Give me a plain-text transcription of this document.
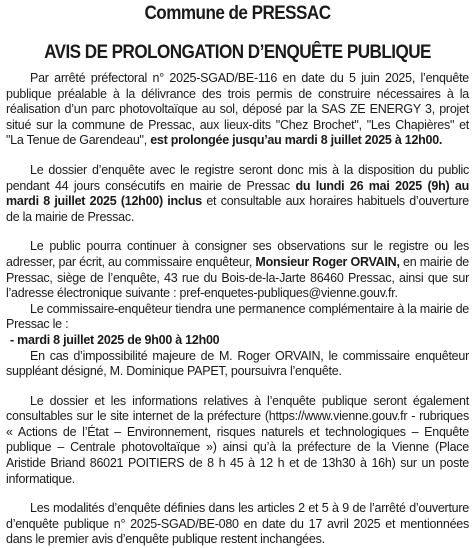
Commune de PRESSAC
AVIS DE PROLONGATION D’ENQUÊTE PUBLIQUE

Par arrêté préfectoral n° 2025-SGAD/BE-116 en date du 5 juin 2025, l’enquête publique préalable à la délivrance des trois permis de construire nécessaires à la réalisation d’un parc photovoltaïque au sol, déposé par la SAS ZE ENERGY 3, projet situé sur la commune de Pressac, aux lieux-dits "Chez Brochet", "Les Chapières" et "La Tenue de Garendeau", est prolongée jusqu’au mardi 8 juillet 2025 à 12h00.

Le dossier d’enquête avec le registre seront donc mis à la disposition du public pendant 44 jours consécutifs en mairie de Pressac du lundi 26 mai 2025 (9h) au mardi 8 juillet 2025 (12h00) inclus et consultable aux horaires habituels d’ouverture de la mairie de Pressac.

Le public pourra continuer à consigner ses observations sur le registre ou les adresser, par écrit, au commissaire enquêteur, Monsieur Roger ORVAIN, en mairie de Pressac, siège de l’enquête, 43 rue du Bois-de-la-Jarte 86460 Pressac, ainsi que sur l’adresse électronique suivante : pref-enquetes-publiques@vienne.gouv.fr.

Le commissaire-enquêteur tiendra une permanence complémentaire à la mairie de Pressac le :

- mardi 8 juillet 2025 de 9h00 à 12h00

En cas d’impossibilité majeure de M. Roger ORVAIN, le commissaire enquêteur suppléant désigné, M. Dominique PAPET, poursuivra l’enquête.

Le dossier et les informations relatives à l’enquête publique seront également consultables sur le site internet de la préfecture (https://www.vienne.gouv.fr - rubriques « Actions de l’État – Environnement, risques naturels et technologiques – Enquête publique – Centrale photovoltaïque ») ainsi qu’à la préfecture de la Vienne (Place Aristide Briand 86021 POITIERS de 8 h 45 à 12 h et de 13h30 à 16h) sur un poste informatique.

Les modalités d’enquête définies dans les articles 2 et 5 à 9 de l’arrêté d’ouverture d’enquête publique n° 2025-SGAD/BE-080 en date du 17 avril 2025 et mentionnées dans le premier avis d’enquête publique restent inchangées.
